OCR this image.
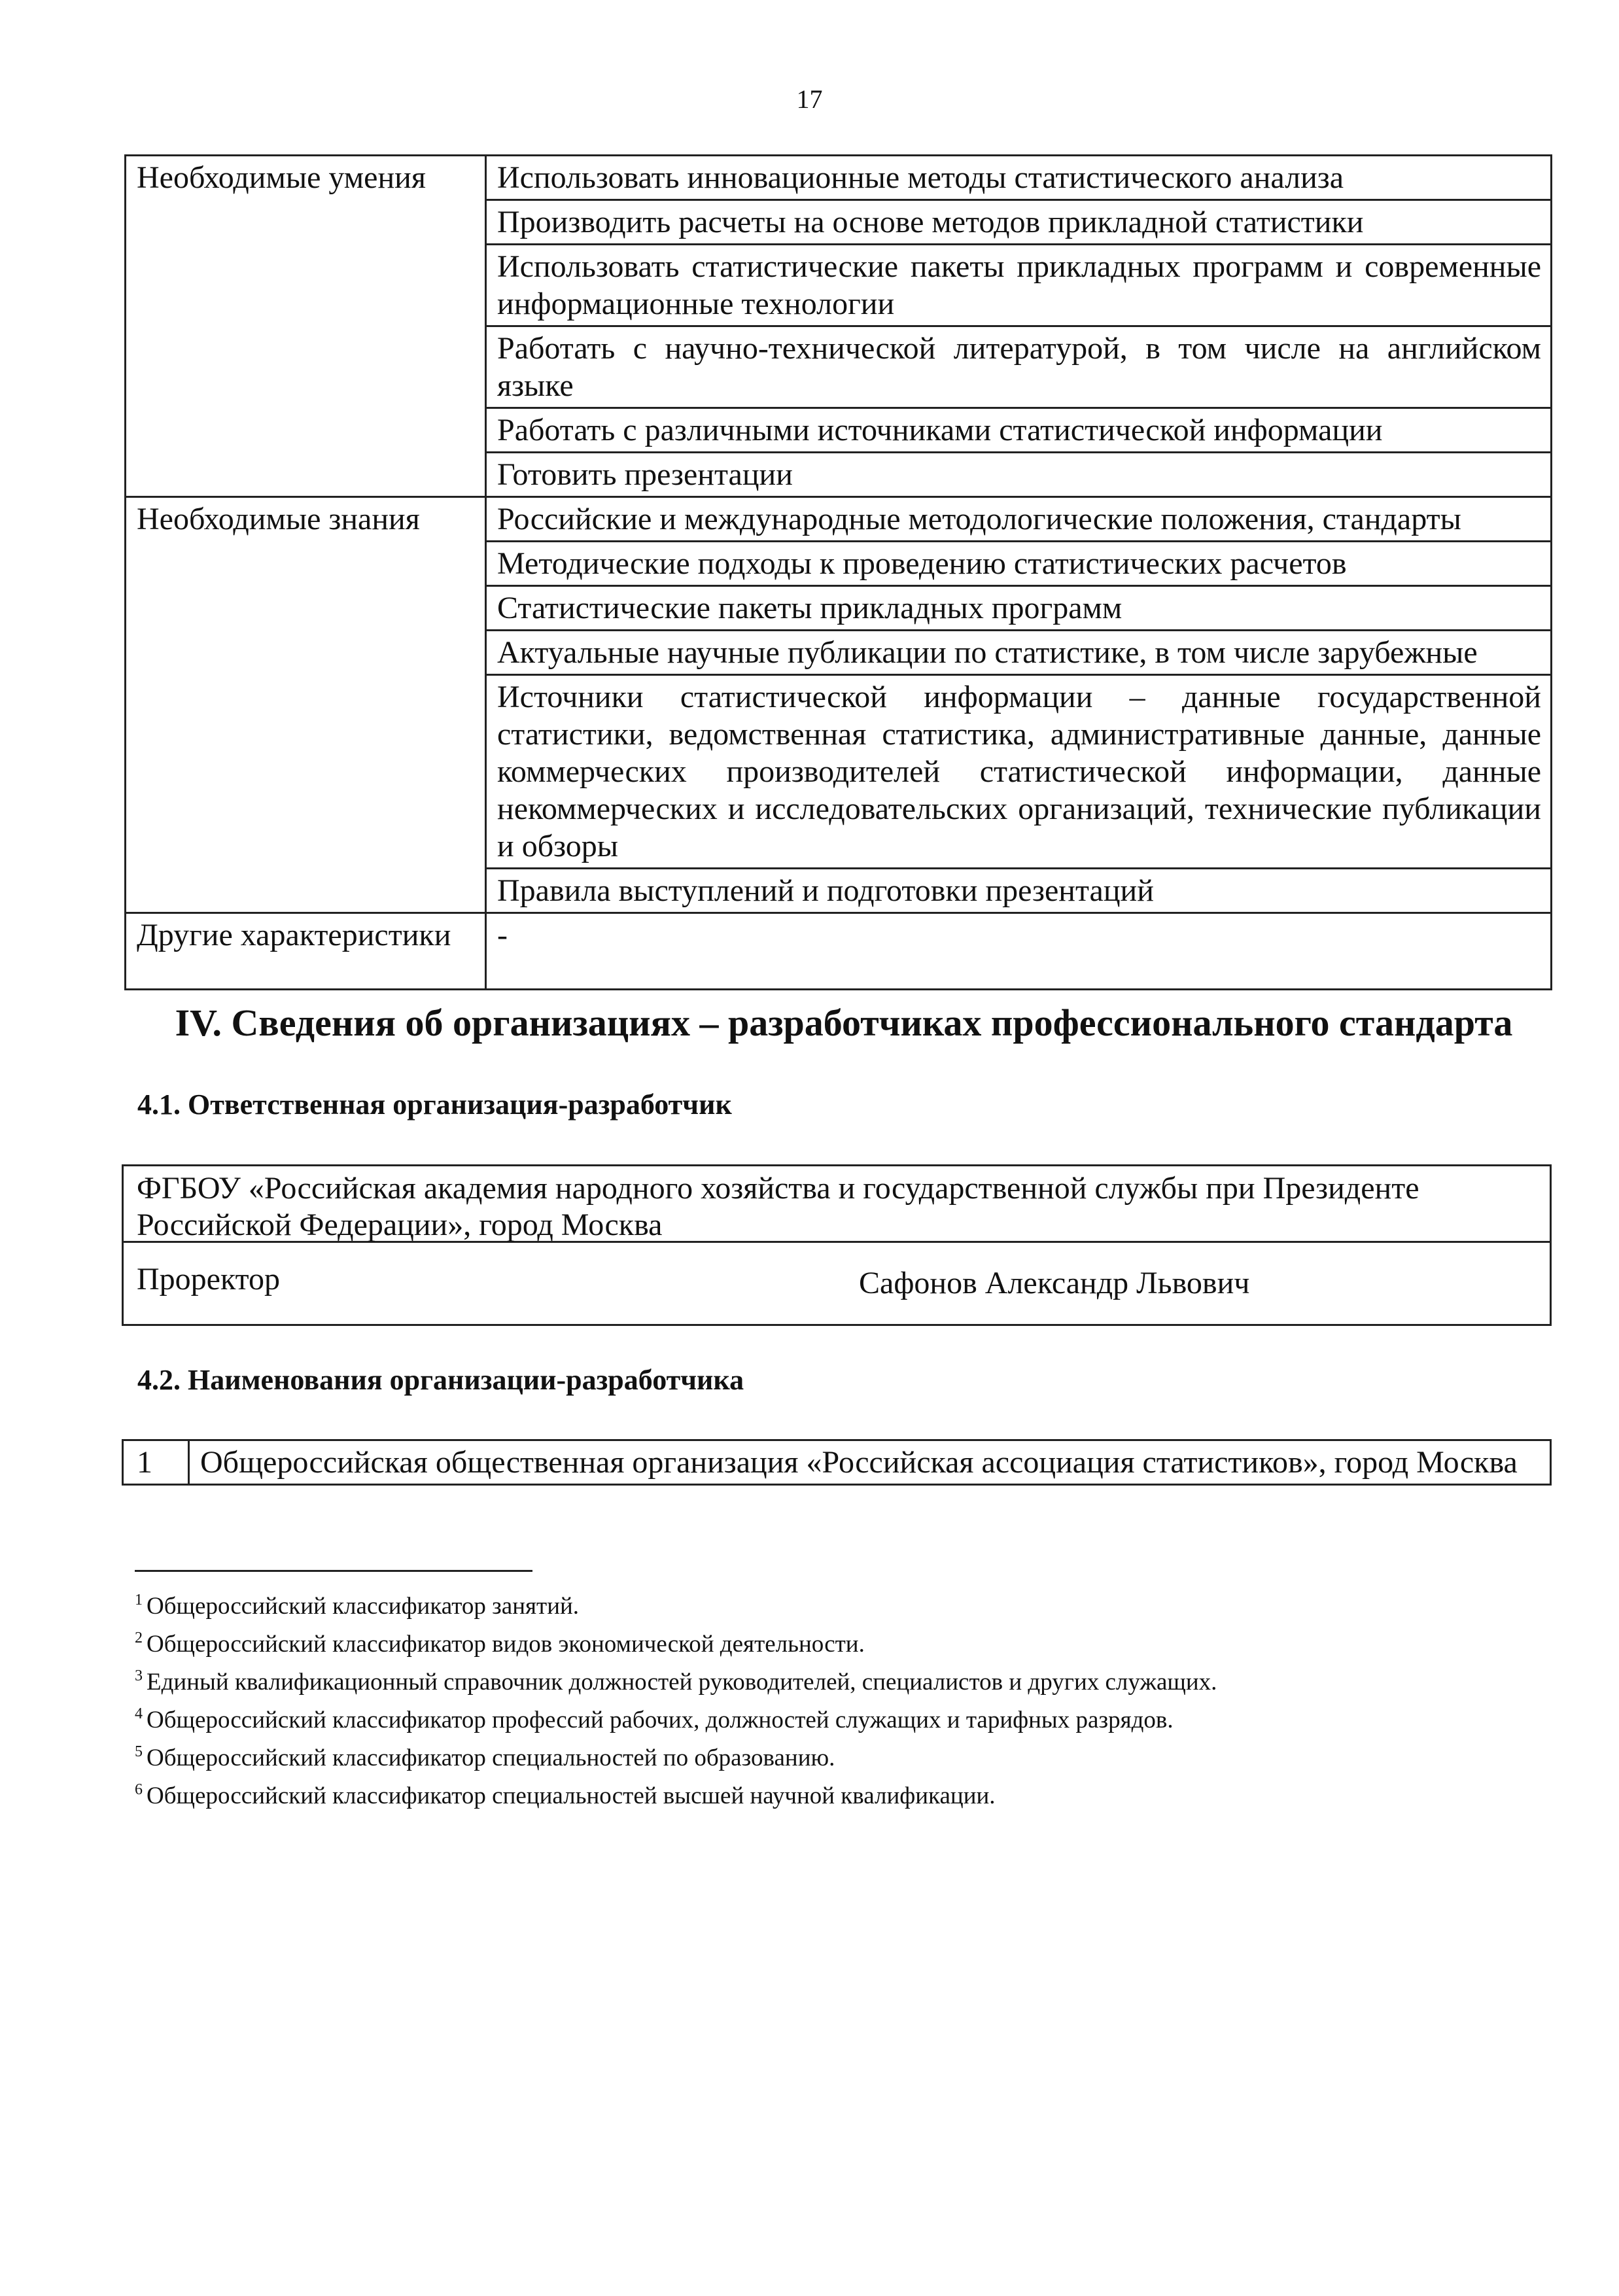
17
Необходимые умения	Использовать инновационные методы статистического анализа
	Производить расчеты на основе методов прикладной статистики
	Использовать статистические пакеты прикладных программ и современные информационные технологии
	Работать с научно-технической литературой, в том числе на английском языке
	Работать с различными источниками статистической информации
	Готовить презентации
Необходимые знания	Российские и международные методологические положения, стандарты
	Методические подходы к проведению статистических расчетов
	Статистические пакеты прикладных программ
	Актуальные научные публикации по статистике, в том числе зарубежные
	Источники статистической информации – данные государственной статистики, ведомственная статистика, административные данные, данные коммерческих производителей статистической информации, данные некоммерческих и исследовательских организаций, технические публикации и обзоры
	Правила выступлений и подготовки презентаций
Другие характеристики	-
IV. Сведения об организациях – разработчиках профессионального стандарта
4.1. Ответственная организация-разработчик
ФГБОУ «Российская академия народного хозяйства и государственной службы при Президенте Российской Федерации», город Москва
Проректор	Сафонов Александр Львович
4.2. Наименования организации-разработчика
1	Общероссийская общественная организация «Российская ассоциация статистиков», город Москва
$^1$ Общероссийский классификатор занятий.
$^2$ Общероссийский классификатор видов экономической деятельности.
$^3$ Единый квалификационный справочник должностей руководителей, специалистов и других служащих.
$^4$ Общероссийский классификатор профессий рабочих, должностей служащих и тарифных разрядов.
$^5$ Общероссийский классификатор специальностей по образованию.
$^6$ Общероссийский классификатор специальностей высшей научной квалификации.
